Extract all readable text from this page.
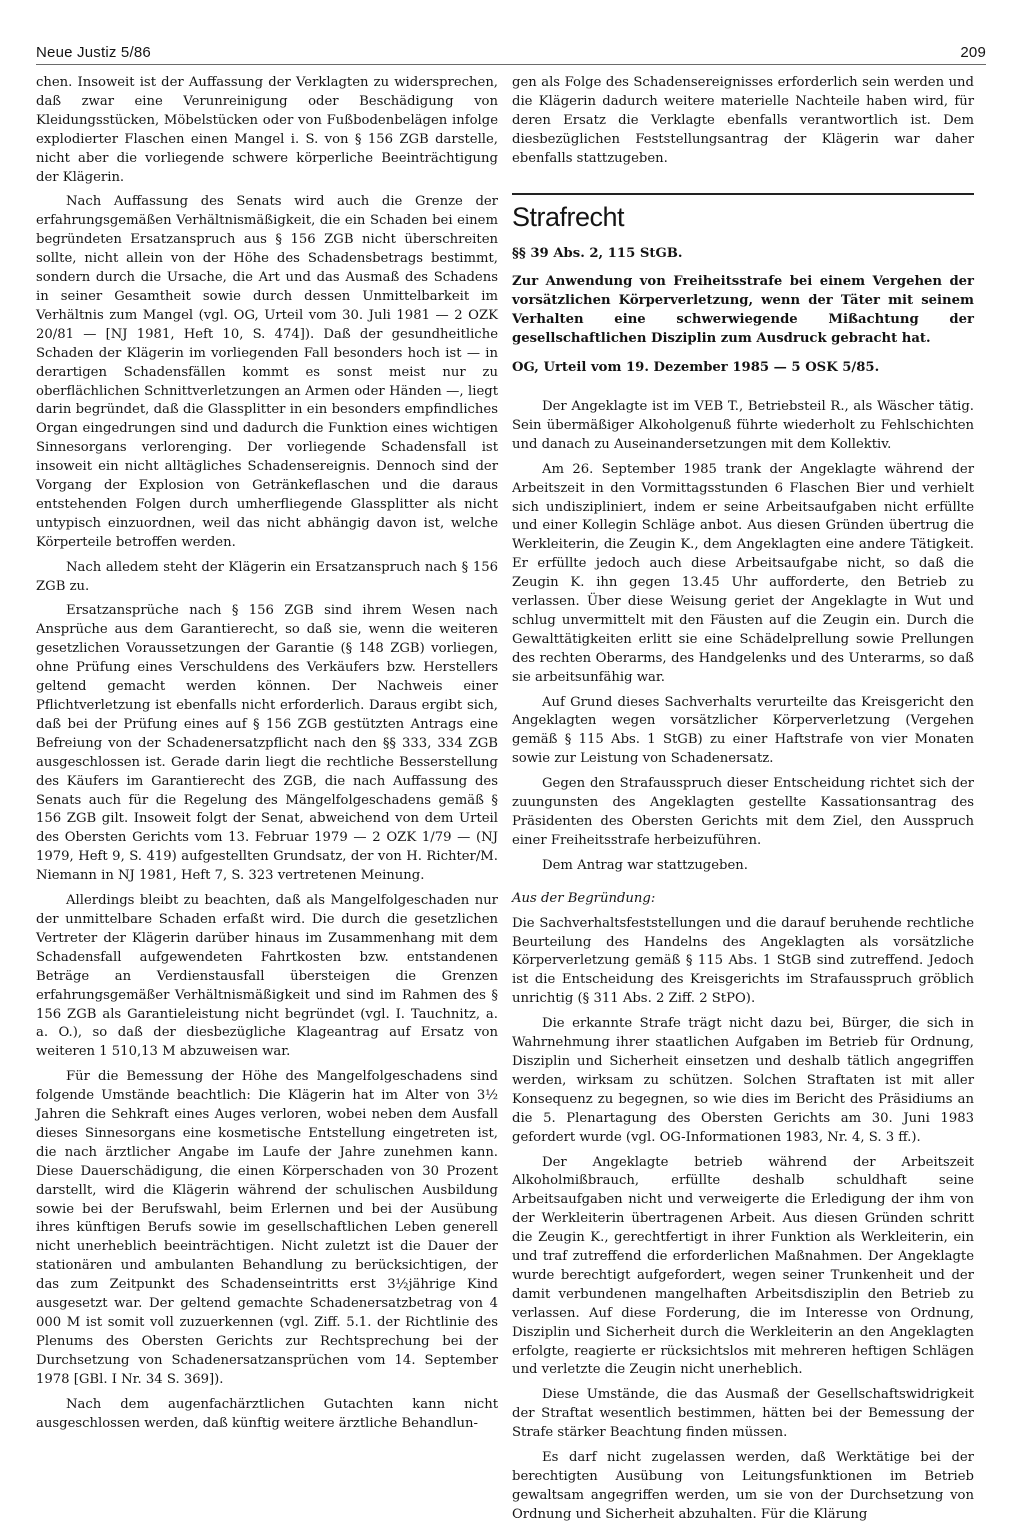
Neue Justiz 5/86	209

chen. Insoweit ist der Auffassung der Verklagten zu widersprechen, daß zwar eine Verunreinigung oder Beschädigung von Kleidungsstücken, Möbelstücken oder von Fußbodenbelägen infolge explodierter Flaschen einen Mangel i. S. von § 156 ZGB darstelle, nicht aber die vorliegende schwere körperliche Beeinträchtigung der Klägerin.

Nach Auffassung des Senats wird auch die Grenze der erfahrungsgemäßen Verhältnismäßigkeit, die ein Schaden bei einem begründeten Ersatzanspruch aus § 156 ZGB nicht überschreiten sollte, nicht allein von der Höhe des Schadensbetrags bestimmt, sondern durch die Ursache, die Art und das Ausmaß des Schadens in seiner Gesamtheit sowie durch dessen Unmittelbarkeit im Verhältnis zum Mangel (vgl. OG, Urteil vom 30. Juli 1981 — 2 OZK 20/81 — [NJ 1981, Heft 10, S. 474]). Daß der gesundheitliche Schaden der Klägerin im vorliegenden Fall besonders hoch ist — in derartigen Schadensfällen kommt es sonst meist nur zu oberflächlichen Schnittverletzungen an Armen oder Händen —, liegt darin begründet, daß die Glassplitter in ein besonders empfindliches Organ eingedrungen sind und dadurch die Funktion eines wichtigen Sinnesorgans verlorenging. Der vorliegende Schadensfall ist insoweit ein nicht alltägliches Schadensereignis. Dennoch sind der Vorgang der Explosion von Getränkeflaschen und die daraus entstehenden Folgen durch umherfliegende Glassplitter als nicht untypisch einzuordnen, weil das nicht abhängig davon ist, welche Körperteile betroffen werden.

Nach alledem steht der Klägerin ein Ersatzanspruch nach § 156 ZGB zu.

Ersatzansprüche nach § 156 ZGB sind ihrem Wesen nach Ansprüche aus dem Garantierecht, so daß sie, wenn die weiteren gesetzlichen Voraussetzungen der Garantie (§ 148 ZGB) vorliegen, ohne Prüfung eines Verschuldens des Verkäufers bzw. Herstellers geltend gemacht werden können. Der Nachweis einer Pflichtverletzung ist ebenfalls nicht erforderlich. Daraus ergibt sich, daß bei der Prüfung eines auf § 156 ZGB gestützten Antrags eine Befreiung von der Schadenersatzpflicht nach den §§ 333, 334 ZGB ausgeschlossen ist. Gerade darin liegt die rechtliche Besserstellung des Käufers im Garantierecht des ZGB, die nach Auffassung des Senats auch für die Regelung des Mängelfolgeschadens gemäß § 156 ZGB gilt. Insoweit folgt der Senat, abweichend von dem Urteil des Obersten Gerichts vom 13. Februar 1979 — 2 OZK 1/79 — (NJ 1979, Heft 9, S. 419) aufgestellten Grundsatz, der von H. Richter/M. Niemann in NJ 1981, Heft 7, S. 323 vertretenen Meinung.

Allerdings bleibt zu beachten, daß als Mangelfolgeschaden nur der unmittelbare Schaden erfaßt wird. Die durch die gesetzlichen Vertreter der Klägerin darüber hinaus im Zusammenhang mit dem Schadensfall aufgewendeten Fahrtkosten bzw. entstandenen Beträge an Verdienstausfall übersteigen die Grenzen erfahrungsgemäßer Verhältnismäßigkeit und sind im Rahmen des § 156 ZGB als Garantieleistung nicht begründet (vgl. I. Tauchnitz, a. a. O.), so daß der diesbezügliche Klageantrag auf Ersatz von weiteren 1 510,13 M abzuweisen war.

Für die Bemessung der Höhe des Mangelfolgeschadens sind folgende Umstände beachtlich: Die Klägerin hat im Alter von 3½ Jahren die Sehkraft eines Auges verloren, wobei neben dem Ausfall dieses Sinnesorgans eine kosmetische Entstellung eingetreten ist, die nach ärztlicher Angabe im Laufe der Jahre zunehmen kann. Diese Dauerschädigung, die einen Körperschaden von 30 Prozent darstellt, wird die Klägerin während der schulischen Ausbildung sowie bei der Berufswahl, beim Erlernen und bei der Ausübung ihres künftigen Berufs sowie im gesellschaftlichen Leben generell nicht unerheblich beeinträchtigen. Nicht zuletzt ist die Dauer der stationären und ambulanten Behandlung zu berücksichtigen, der das zum Zeitpunkt des Schadenseintritts erst 3½jährige Kind ausgesetzt war. Der geltend gemachte Schadenersatzbetrag von 4 000 M ist somit voll zuzuerkennen (vgl. Ziff. 5.1. der Richtlinie des Plenums des Obersten Gerichts zur Rechtsprechung bei der Durchsetzung von Schadenersatzansprüchen vom 14. September 1978 [GBl. I Nr. 34 S. 369]).

Nach dem augenfachärztlichen Gutachten kann nicht ausgeschlossen werden, daß künftig weitere ärztliche Behandlun-

gen als Folge des Schadensereignisses erforderlich sein werden und die Klägerin dadurch weitere materielle Nachteile haben wird, für deren Ersatz die Verklagte ebenfalls verantwortlich ist. Dem diesbezüglichen Feststellungsantrag der Klägerin war daher ebenfalls stattzugeben.

Strafrecht
§§ 39 Abs. 2, 115 StGB.
Zur Anwendung von Freiheitsstrafe bei einem Vergehen der vorsätzlichen Körperverletzung, wenn der Täter mit seinem Verhalten eine schwerwiegende Mißachtung der gesellschaftlichen Disziplin zum Ausdruck gebracht hat.
OG, Urteil vom 19. Dezember 1985 — 5 OSK 5/85.

Der Angeklagte ist im VEB T., Betriebsteil R., als Wäscher tätig. Sein übermäßiger Alkoholgenuß führte wiederholt zu Fehlschichten und danach zu Auseinandersetzungen mit dem Kollektiv.

Am 26. September 1985 trank der Angeklagte während der Arbeitszeit in den Vormittagsstunden 6 Flaschen Bier und verhielt sich undiszipliniert, indem er seine Arbeitsaufgaben nicht erfüllte und einer Kollegin Schläge anbot. Aus diesen Gründen übertrug die Werkleiterin, die Zeugin K., dem Angeklagten eine andere Tätigkeit. Er erfüllte jedoch auch diese Arbeitsaufgabe nicht, so daß die Zeugin K. ihn gegen 13.45 Uhr aufforderte, den Betrieb zu verlassen. Über diese Weisung geriet der Angeklagte in Wut und schlug unvermittelt mit den Fäusten auf die Zeugin ein. Durch die Gewalttätigkeiten erlitt sie eine Schädelprellung sowie Prellungen des rechten Oberarms, des Handgelenks und des Unterarms, so daß sie arbeitsunfähig war.

Auf Grund dieses Sachverhalts verurteilte das Kreisgericht den Angeklagten wegen vorsätzlicher Körperverletzung (Vergehen gemäß § 115 Abs. 1 StGB) zu einer Haftstrafe von vier Monaten sowie zur Leistung von Schadenersatz.

Gegen den Strafausspruch dieser Entscheidung richtet sich der zuungunsten des Angeklagten gestellte Kassationsantrag des Präsidenten des Obersten Gerichts mit dem Ziel, den Ausspruch einer Freiheitsstrafe herbeizuführen.

Dem Antrag war stattzugeben.

Aus der Begründung:

Die Sachverhaltsfeststellungen und die darauf beruhende rechtliche Beurteilung des Handelns des Angeklagten als vorsätzliche Körperverletzung gemäß § 115 Abs. 1 StGB sind zutreffend. Jedoch ist die Entscheidung des Kreisgerichts im Strafausspruch gröblich unrichtig (§ 311 Abs. 2 Ziff. 2 StPO).

Die erkannte Strafe trägt nicht dazu bei, Bürger, die sich in Wahrnehmung ihrer staatlichen Aufgaben im Betrieb für Ordnung, Disziplin und Sicherheit einsetzen und deshalb tätlich angegriffen werden, wirksam zu schützen. Solchen Straftaten ist mit aller Konsequenz zu begegnen, so wie dies im Bericht des Präsidiums an die 5. Plenartagung des Obersten Gerichts am 30. Juni 1983 gefordert wurde (vgl. OG-Informationen 1983, Nr. 4, S. 3 ff.).

Der Angeklagte betrieb während der Arbeitszeit Alkoholmißbrauch, erfüllte deshalb schuldhaft seine Arbeitsaufgaben nicht und verweigerte die Erledigung der ihm von der Werkleiterin übertragenen Arbeit. Aus diesen Gründen schritt die Zeugin K., gerechtfertigt in ihrer Funktion als Werkleiterin, ein und traf zutreffend die erforderlichen Maßnahmen. Der Angeklagte wurde berechtigt aufgefordert, wegen seiner Trunkenheit und der damit verbundenen mangelhaften Arbeitsdisziplin den Betrieb zu verlassen. Auf diese Forderung, die im Interesse von Ordnung, Disziplin und Sicherheit durch die Werkleiterin an den Angeklagten erfolgte, reagierte er rücksichtslos mit mehreren heftigen Schlägen und verletzte die Zeugin nicht unerheblich.

Diese Umstände, die das Ausmaß der Gesellschaftswidrigkeit der Straftat wesentlich bestimmen, hätten bei der Bemessung der Strafe stärker Beachtung finden müssen.

Es darf nicht zugelassen werden, daß Werktätige bei der berechtigten Ausübung von Leitungsfunktionen im Betrieb gewaltsam angegriffen werden, um sie von der Durchsetzung von Ordnung und Sicherheit abzuhalten. Für die Klärung
